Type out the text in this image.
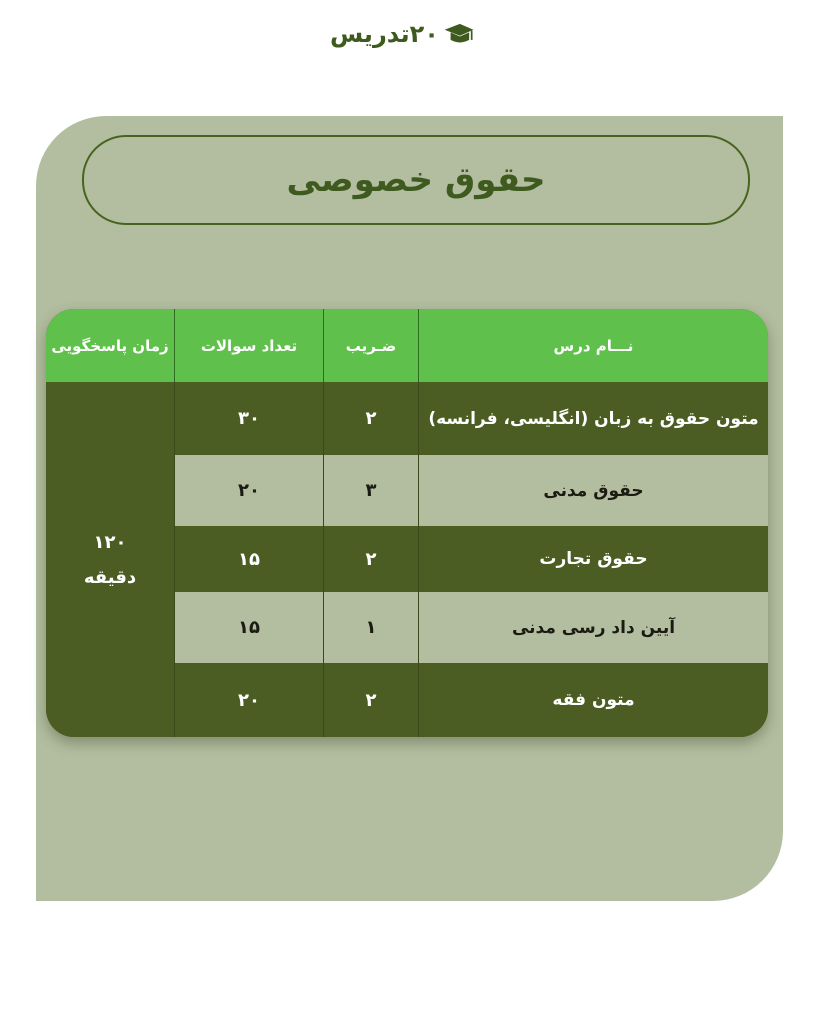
۲۰تدریس
حقوق خصوصی
نـــام درس
ضـریب
تعداد سوالات
زمان پاسخگویی
متون حقوق به زبان (انگلیسی، فرانسه)
۲
۳۰
حقوق مدنی
۳
۲۰
حقوق تجارت
۲
۱۵
آیین داد رسی مدنی
۱
۱۵
متون فقه
۲
۲۰
۱۲۰
دقیقه
